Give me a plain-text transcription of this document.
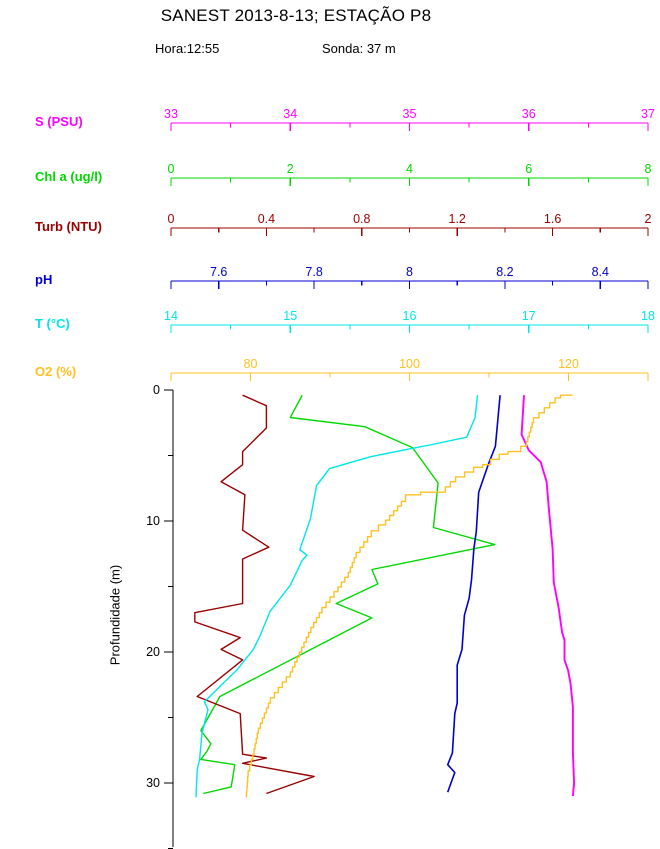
SANEST 2013-8-13; ESTAÇÃO P8
Hora:12:55	Sonda: 37 m
S (PSU)
Chl a (ug/l)
Turb (NTU)
pH
T (°C)
O2 (%)
Profundidade (m)
33	34	35	36	37
0	2	4	6	8
0	0.4	0.8	1.2	1.6	2
7.6	7.8	8	8.2	8.4
14	15	16	17	18
80	100	120
0
10
20
30
